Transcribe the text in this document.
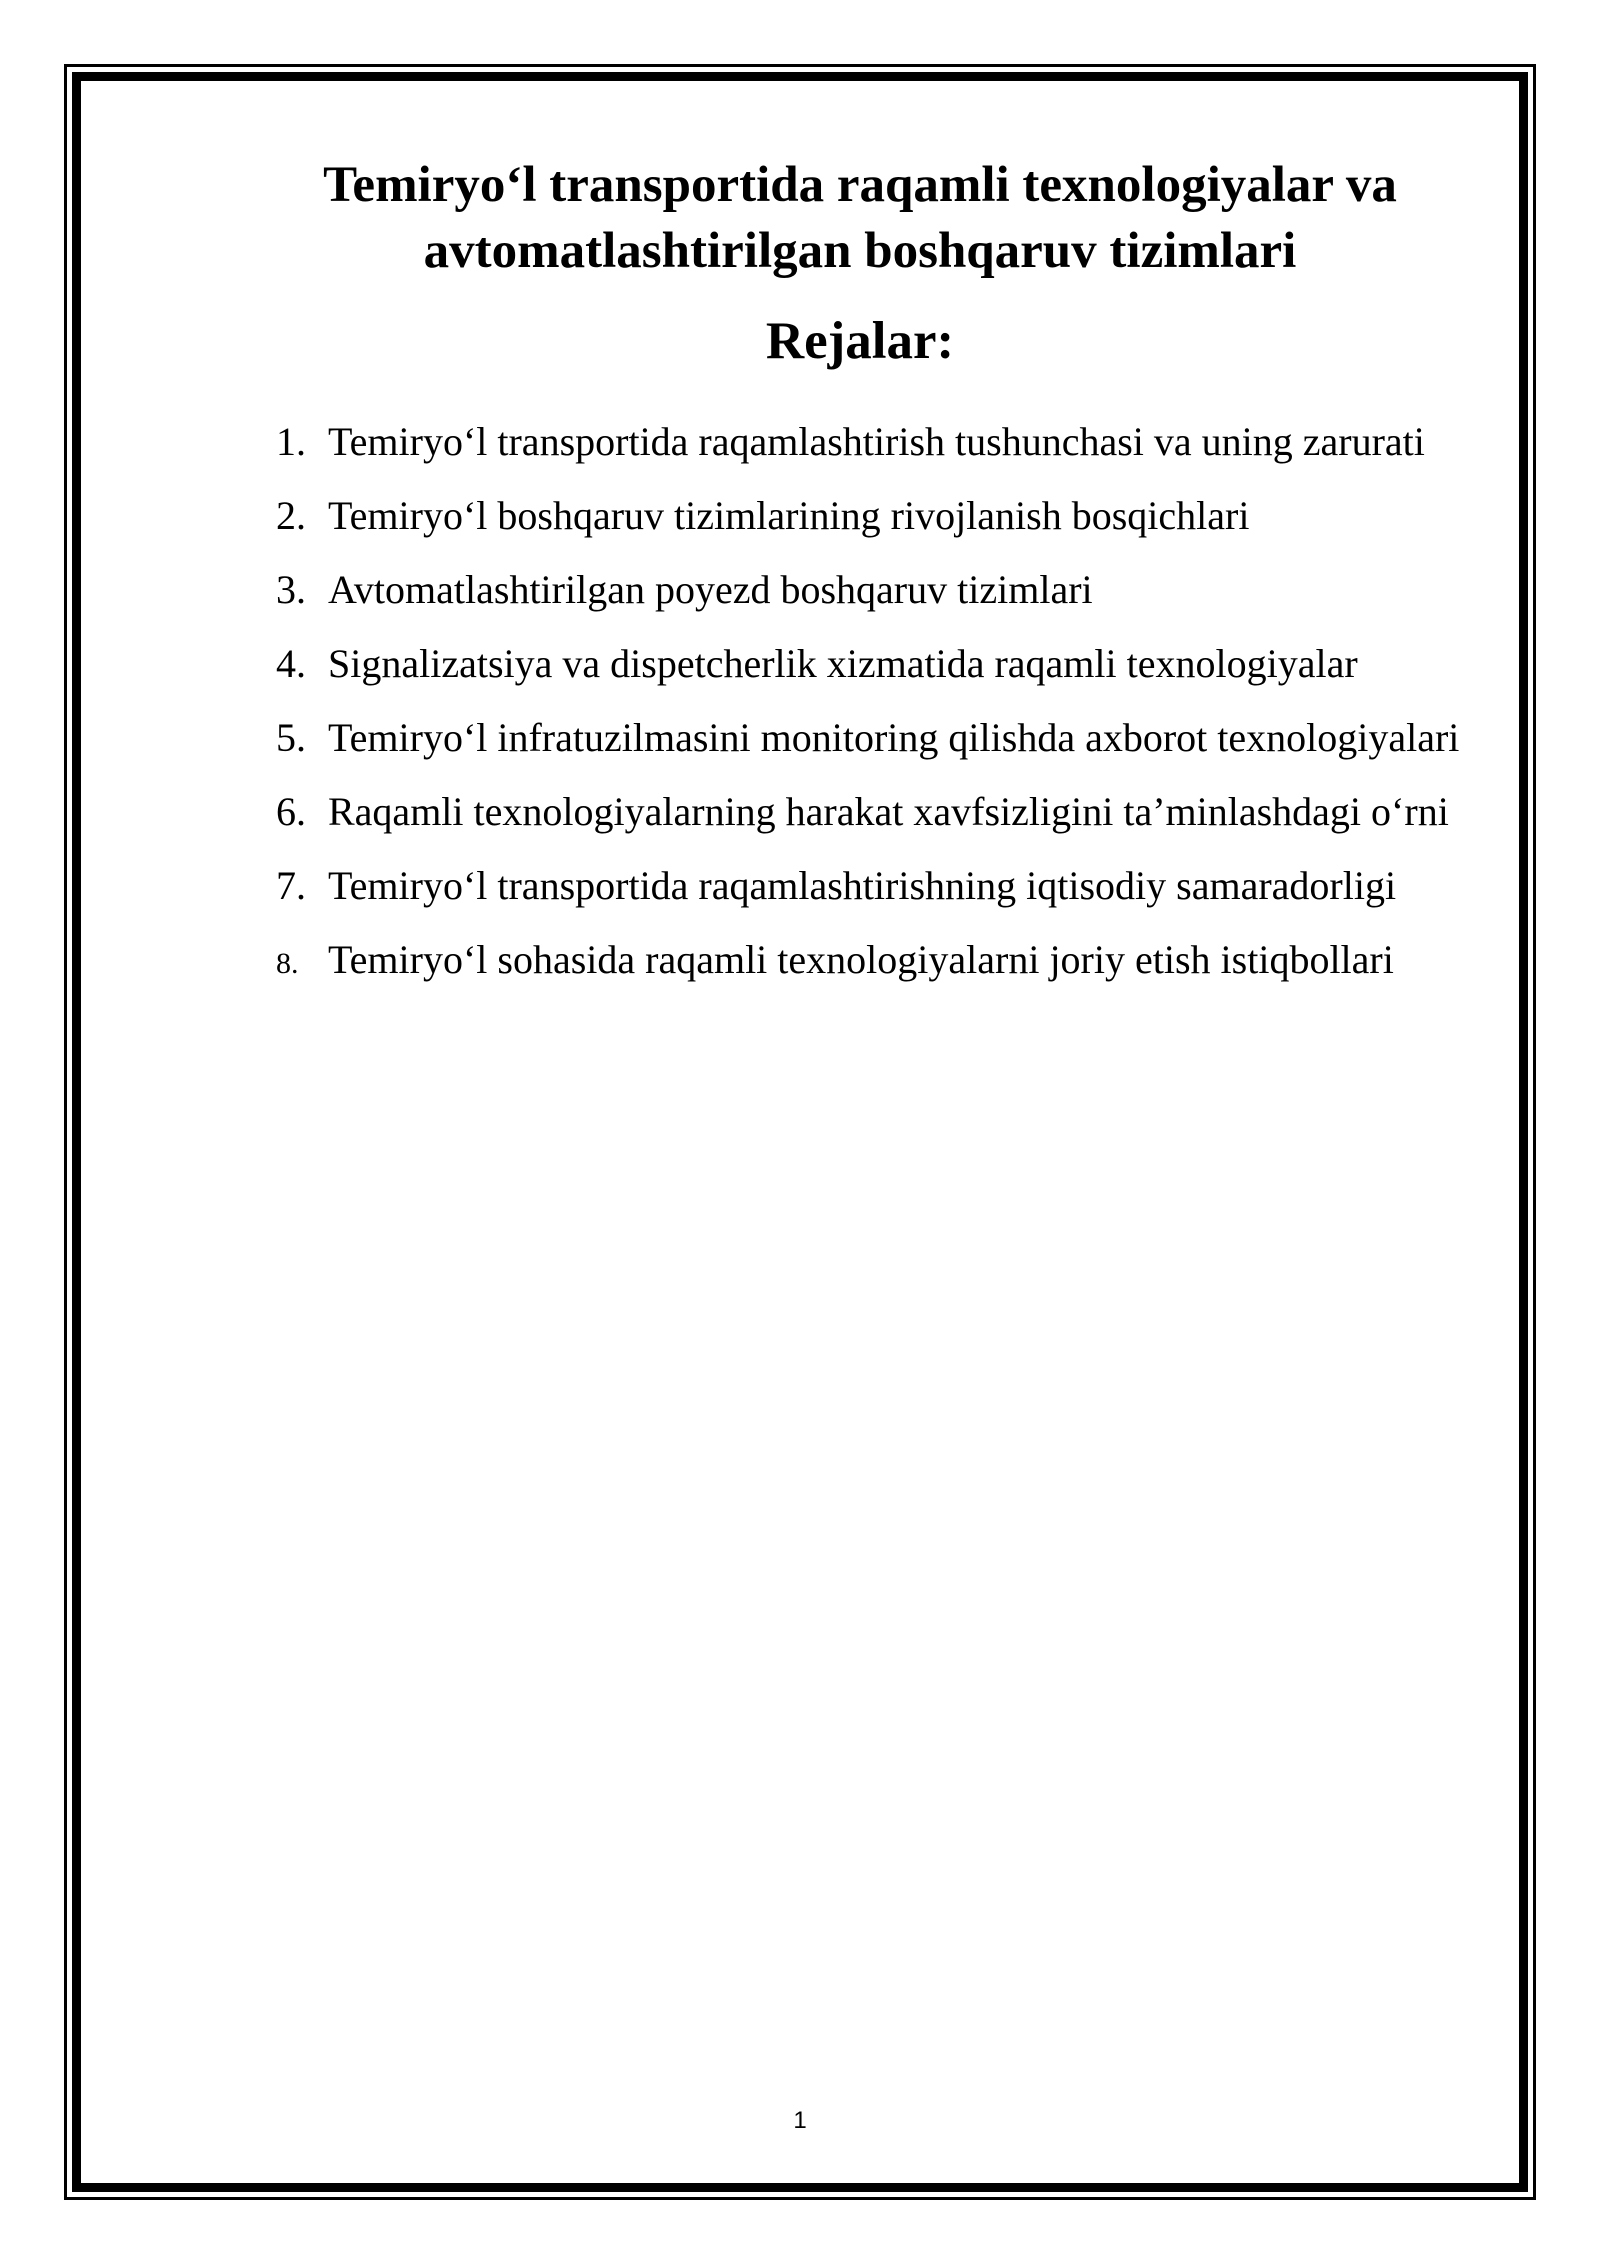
Temiryo‘l transportida raqamli texnologiyalar va
avtomatlashtirilgan boshqaruv tizimlari
Rejalar:
1. Temiryo‘l transportida raqamlashtirish tushunchasi va uning zarurati
2. Temiryo‘l boshqaruv tizimlarining rivojlanish bosqichlari
3. Avtomatlashtirilgan poyezd boshqaruv tizimlari
4. Signalizatsiya va dispetcherlik xizmatida raqamli texnologiyalar
5. Temiryo‘l infratuzilmasini monitoring qilishda axborot texnologiyalari
6. Raqamli texnologiyalarning harakat xavfsizligini ta’minlashdagi o‘rni
7. Temiryo‘l transportida raqamlashtirishning iqtisodiy samaradorligi
8. Temiryo‘l sohasida raqamli texnologiyalarni joriy etish istiqbollari
1
